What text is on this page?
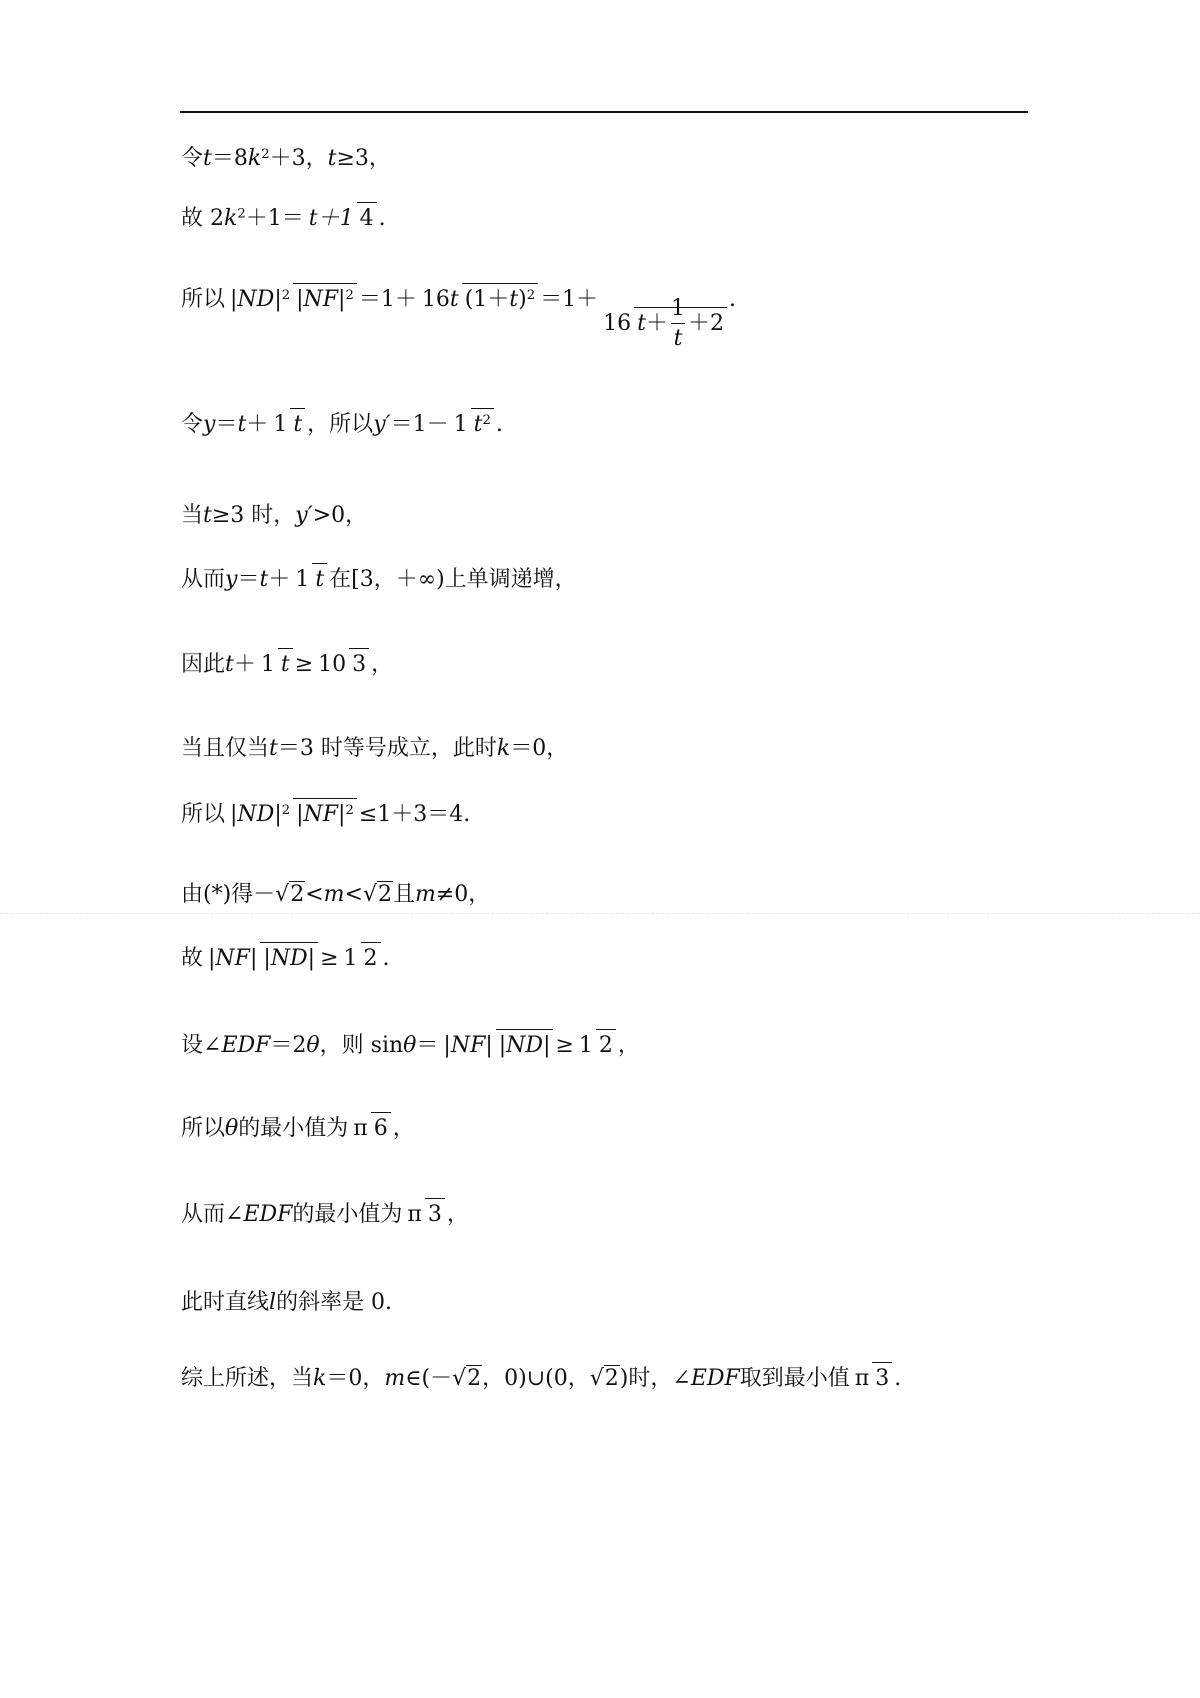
令$t=8k^2+3$，t≥3，
故 $2k^2+1= t+1$ 4 .
所以 $|ND|^2$ $|NF|^2 =1+ 16t$ $(1+t)^2 =1+16$ $t+ \frac{1}{t} +2$.
令y＝t＋ 1 t ，所以y′＝1－ 1 $t^2$ .
当t≥3 时，y′>0，
从而y＝t＋ 1 t 在[3，＋∞)上单调递增，
因此t＋ 1 t ≥ 10 3 ，
当且仅当t＝3 时等号成立，此时k＝0，
所以 $|ND|^2$ $|NF|^2 \le 1+3=4$.
由(*)得－√2<m<√2且m≠0，
故 |NF| |ND| ≥ 1 2 .
设∠EDF＝2θ，则 sinθ＝ |NF| |ND| ≥ 1 2 ，
所以θ的最小值为 π 6 ，
从而∠EDF的最小值为 π 3 ，
此时直线l的斜率是 0.
综上所述，当k＝0，m∈(－√2，0)∪(0，√2)时，∠EDF取到最小值 π 3 .
